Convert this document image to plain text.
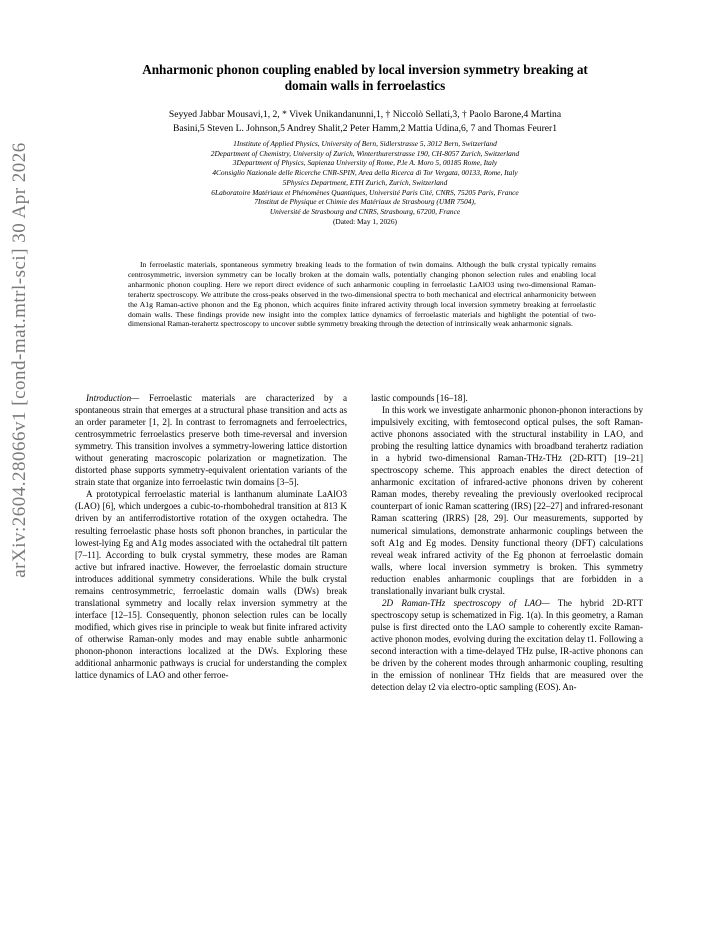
arXiv:2604.28066v1 [cond-mat.mtrl-sci] 30 Apr 2026
Anharmonic phonon coupling enabled by local inversion symmetry breaking at
domain walls in ferroelastics
Seyyed Jabbar Mousavi,1, 2, * Vivek Unikandanunni,1, † Niccolò Sellati,3, † Paolo Barone,4 Martina
Basini,5 Steven L. Johnson,5 Andrey Shalit,2 Peter Hamm,2 Mattia Udina,6, 7 and Thomas Feurer1
1Institute of Applied Physics, University of Bern, Sidlerstrasse 5, 3012 Bern, Switzerland
2Department of Chemistry, University of Zurich, Winterthurerstrasse 190, CH-8057 Zurich, Switzerland
3Department of Physics, Sapienza University of Rome, P.le A. Moro 5, 00185 Rome, Italy
4Consiglio Nazionale delle Ricerche CNR-SPIN, Area della Ricerca di Tor Vergata, 00133, Rome, Italy
5Physics Department, ETH Zurich, Zurich, Switzerland
6Laboratoire Matériaux et Phénomènes Quantiques, Université Paris Cité, CNRS, 75205 Paris, France
7Institut de Physique et Chimie des Matériaux de Strasbourg (UMR 7504),
Université de Strasbourg and CNRS, Strasbourg, 67200, France
(Dated: May 1, 2026)

In ferroelastic materials, spontaneous symmetry breaking leads to the formation of twin domains. Although the bulk crystal typically remains centrosymmetric, inversion symmetry can be locally broken at the domain walls, potentially changing phonon selection rules and enabling local anharmonic phonon coupling. Here we report direct evidence of such anharmonic coupling in ferroelastic LaAlO3 using two-dimensional Raman-terahertz spectroscopy. We attribute the cross-peaks observed in the two-dimensional spectra to both mechanical and electrical anharmonicity between the A1g Raman-active phonon and the Eg phonon, which acquires finite infrared activity through local inversion symmetry breaking at ferroelastic domain walls. These findings provide new insight into the complex lattice dynamics of ferroelastic materials and highlight the potential of two-dimensional Raman-terahertz spectroscopy to uncover subtle symmetry breaking through the detection of intrinsically weak anharmonic signals.

Introduction— Ferroelastic materials are characterized by a spontaneous strain that emerges at a structural phase transition and acts as an order parameter [1, 2]. In contrast to ferromagnets and ferroelectrics, centrosymmetric ferroelastics preserve both time-reversal and inversion symmetry. This transition involves a symmetry-lowering lattice distortion without generating macroscopic polarization or magnetization. The distorted phase supports symmetry-equivalent orientation variants of the strain state that organize into ferroelastic twin domains [3–5].

A prototypical ferroelastic material is lanthanum aluminate LaAlO3 (LAO) [6], which undergoes a cubic-to-rhombohedral transition at 813 K driven by an antiferrodistortive rotation of the oxygen octahedra. The resulting ferroelastic phase hosts soft phonon branches, in particular the lowest-lying Eg and A1g modes associated with the octahedral tilt pattern [7–11]. According to bulk crystal symmetry, these modes are Raman active but infrared inactive. However, the ferroelastic domain structure introduces additional symmetry considerations. While the bulk crystal remains centrosymmetric, ferroelastic domain walls (DWs) break translational symmetry and locally relax inversion symmetry at the interface [12–15]. Consequently, phonon selection rules can be locally modified, which gives rise in principle to weak but finite infrared activity of otherwise Raman-only modes and may enable subtle anharmonic phonon-phonon interactions localized at the DWs. Exploring these additional anharmonic pathways is crucial for understanding the complex lattice dynamics of LAO and other ferroe-

lastic compounds [16–18].

In this work we investigate anharmonic phonon-phonon interactions by impulsively exciting, with femtosecond optical pulses, the soft Raman-active phonons associated with the structural instability in LAO, and probing the resulting lattice dynamics with broadband terahertz radiation in a hybrid two-dimensional Raman-THz-THz (2D-RTT) [19–21] spectroscopy scheme. This approach enables the direct detection of anharmonic excitation of infrared-active phonons driven by coherent Raman modes, thereby revealing the previously overlooked reciprocal counterpart of ionic Raman scattering (IRS) [22–27] and infrared-resonant Raman scattering (IRRS) [28, 29]. Our measurements, supported by numerical simulations, demonstrate anharmonic couplings between the soft A1g and Eg modes. Density functional theory (DFT) calculations reveal weak infrared activity of the Eg phonon at ferroelastic domain walls, where local inversion symmetry is broken. This symmetry reduction enables anharmonic couplings that are forbidden in a translationally invariant bulk crystal.

2D Raman-THz spectroscopy of LAO— The hybrid 2D-RTT spectroscopy setup is schematized in Fig. 1(a). In this geometry, a Raman pulse is first directed onto the LAO sample to coherently excite Raman-active phonon modes, evolving during the excitation delay t1. Following a second interaction with a time-delayed THz pulse, IR-active phonons can be driven by the coherent modes through anharmonic coupling, resulting in the emission of nonlinear THz fields that are measured over the detection delay t2 via electro-optic sampling (EOS). An-
